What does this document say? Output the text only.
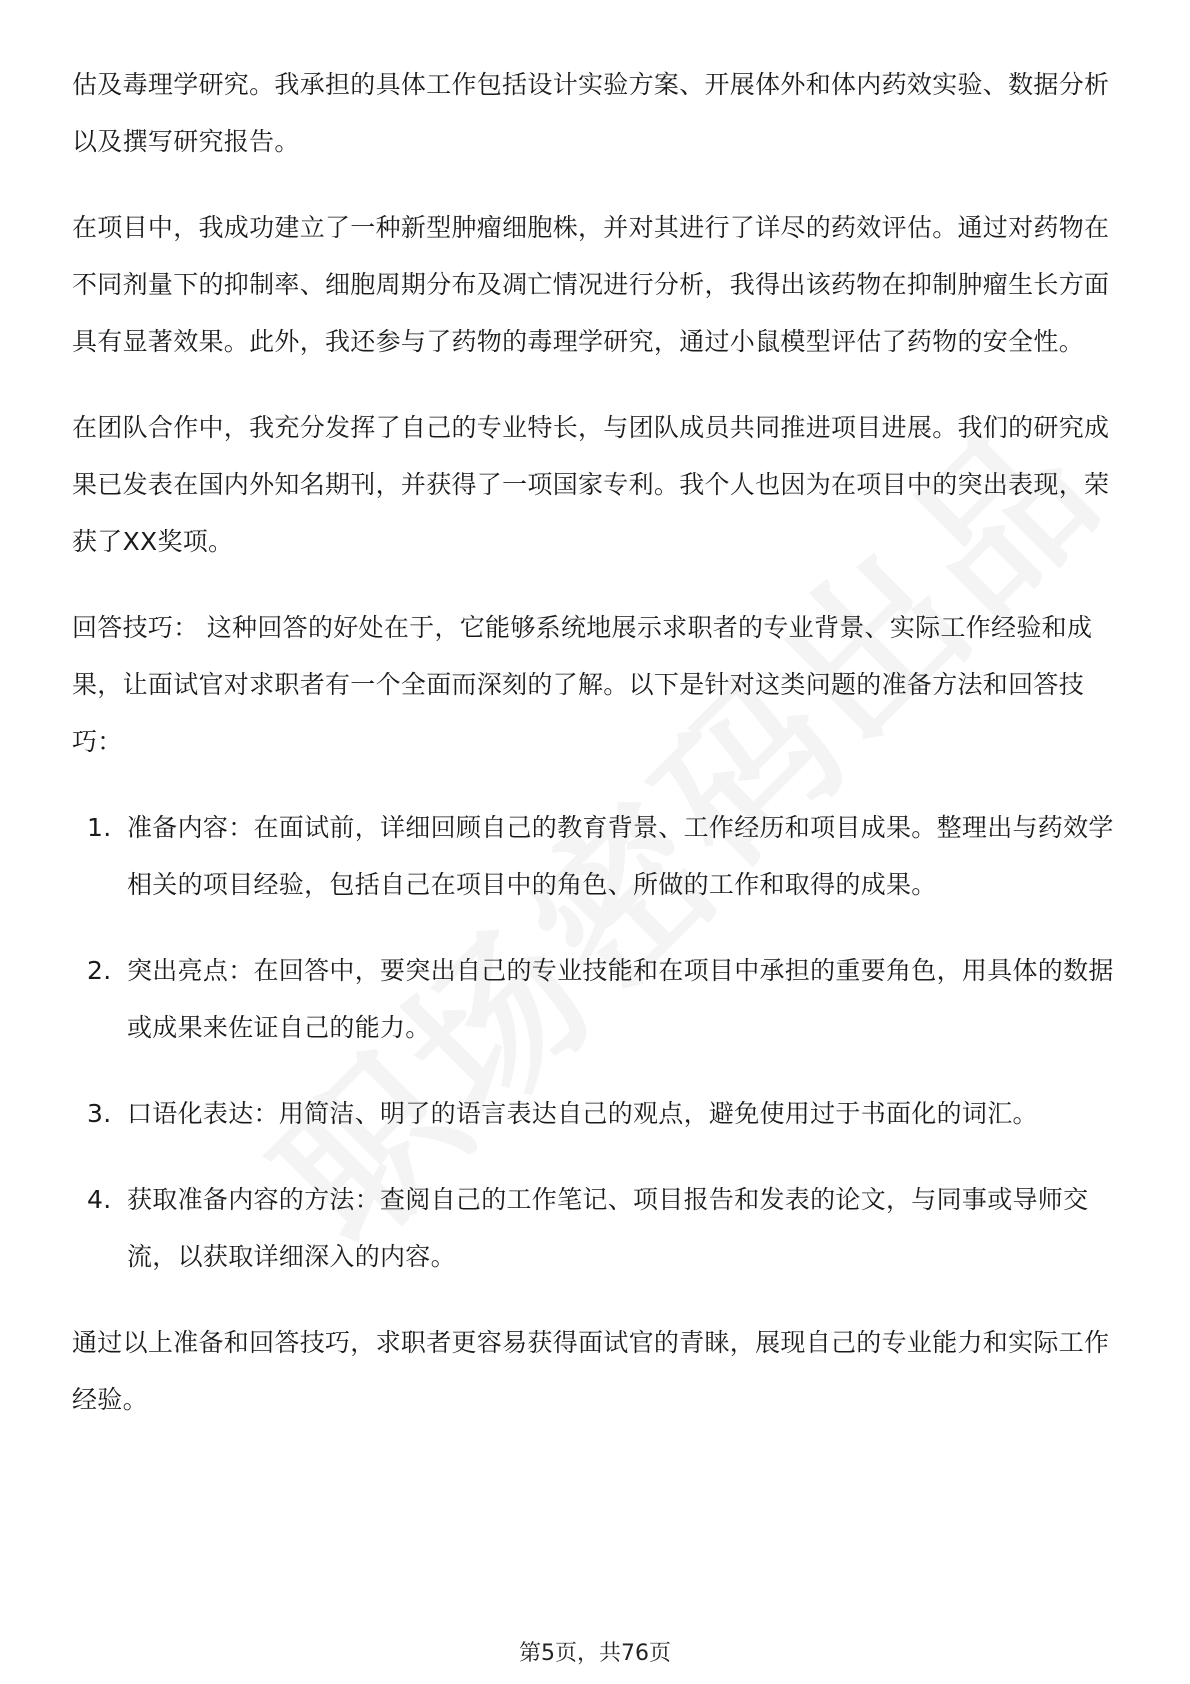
估及毒理学研究。我承担的具体工作包括设计实验方案、开展体外和体内药效实验、数据分析以及撰写研究报告。

在项目中，我成功建立了一种新型肿瘤细胞株，并对其进行了详尽的药效评估。通过对药物在不同剂量下的抑制率、细胞周期分布及凋亡情况进行分析，我得出该药物在抑制肿瘤生长方面具有显著效果。此外，我还参与了药物的毒理学研究，通过小鼠模型评估了药物的安全性。

在团队合作中，我充分发挥了自己的专业特长，与团队成员共同推进项目进展。我们的研究成果已发表在国内外知名期刊，并获得了一项国家专利。我个人也因为在项目中的突出表现，荣获了XX奖项。

回答技巧： 这种回答的好处在于，它能够系统地展示求职者的专业背景、实际工作经验和成果，让面试官对求职者有一个全面而深刻的了解。以下是针对这类问题的准备方法和回答技巧：

1. 准备内容：在面试前，详细回顾自己的教育背景、工作经历和项目成果。整理出与药效学相关的项目经验，包括自己在项目中的角色、所做的工作和取得的成果。
2. 突出亮点：在回答中，要突出自己的专业技能和在项目中承担的重要角色，用具体的数据或成果来佐证自己的能力。
3. 口语化表达：用简洁、明了的语言表达自己的观点，避免使用过于书面化的词汇。
4. 获取准备内容的方法：查阅自己的工作笔记、项目报告和发表的论文，与同事或导师交流，以获取详细深入的内容。

通过以上准备和回答技巧，求职者更容易获得面试官的青睐，展现自己的专业能力和实际工作经验。

第5页，共76页
